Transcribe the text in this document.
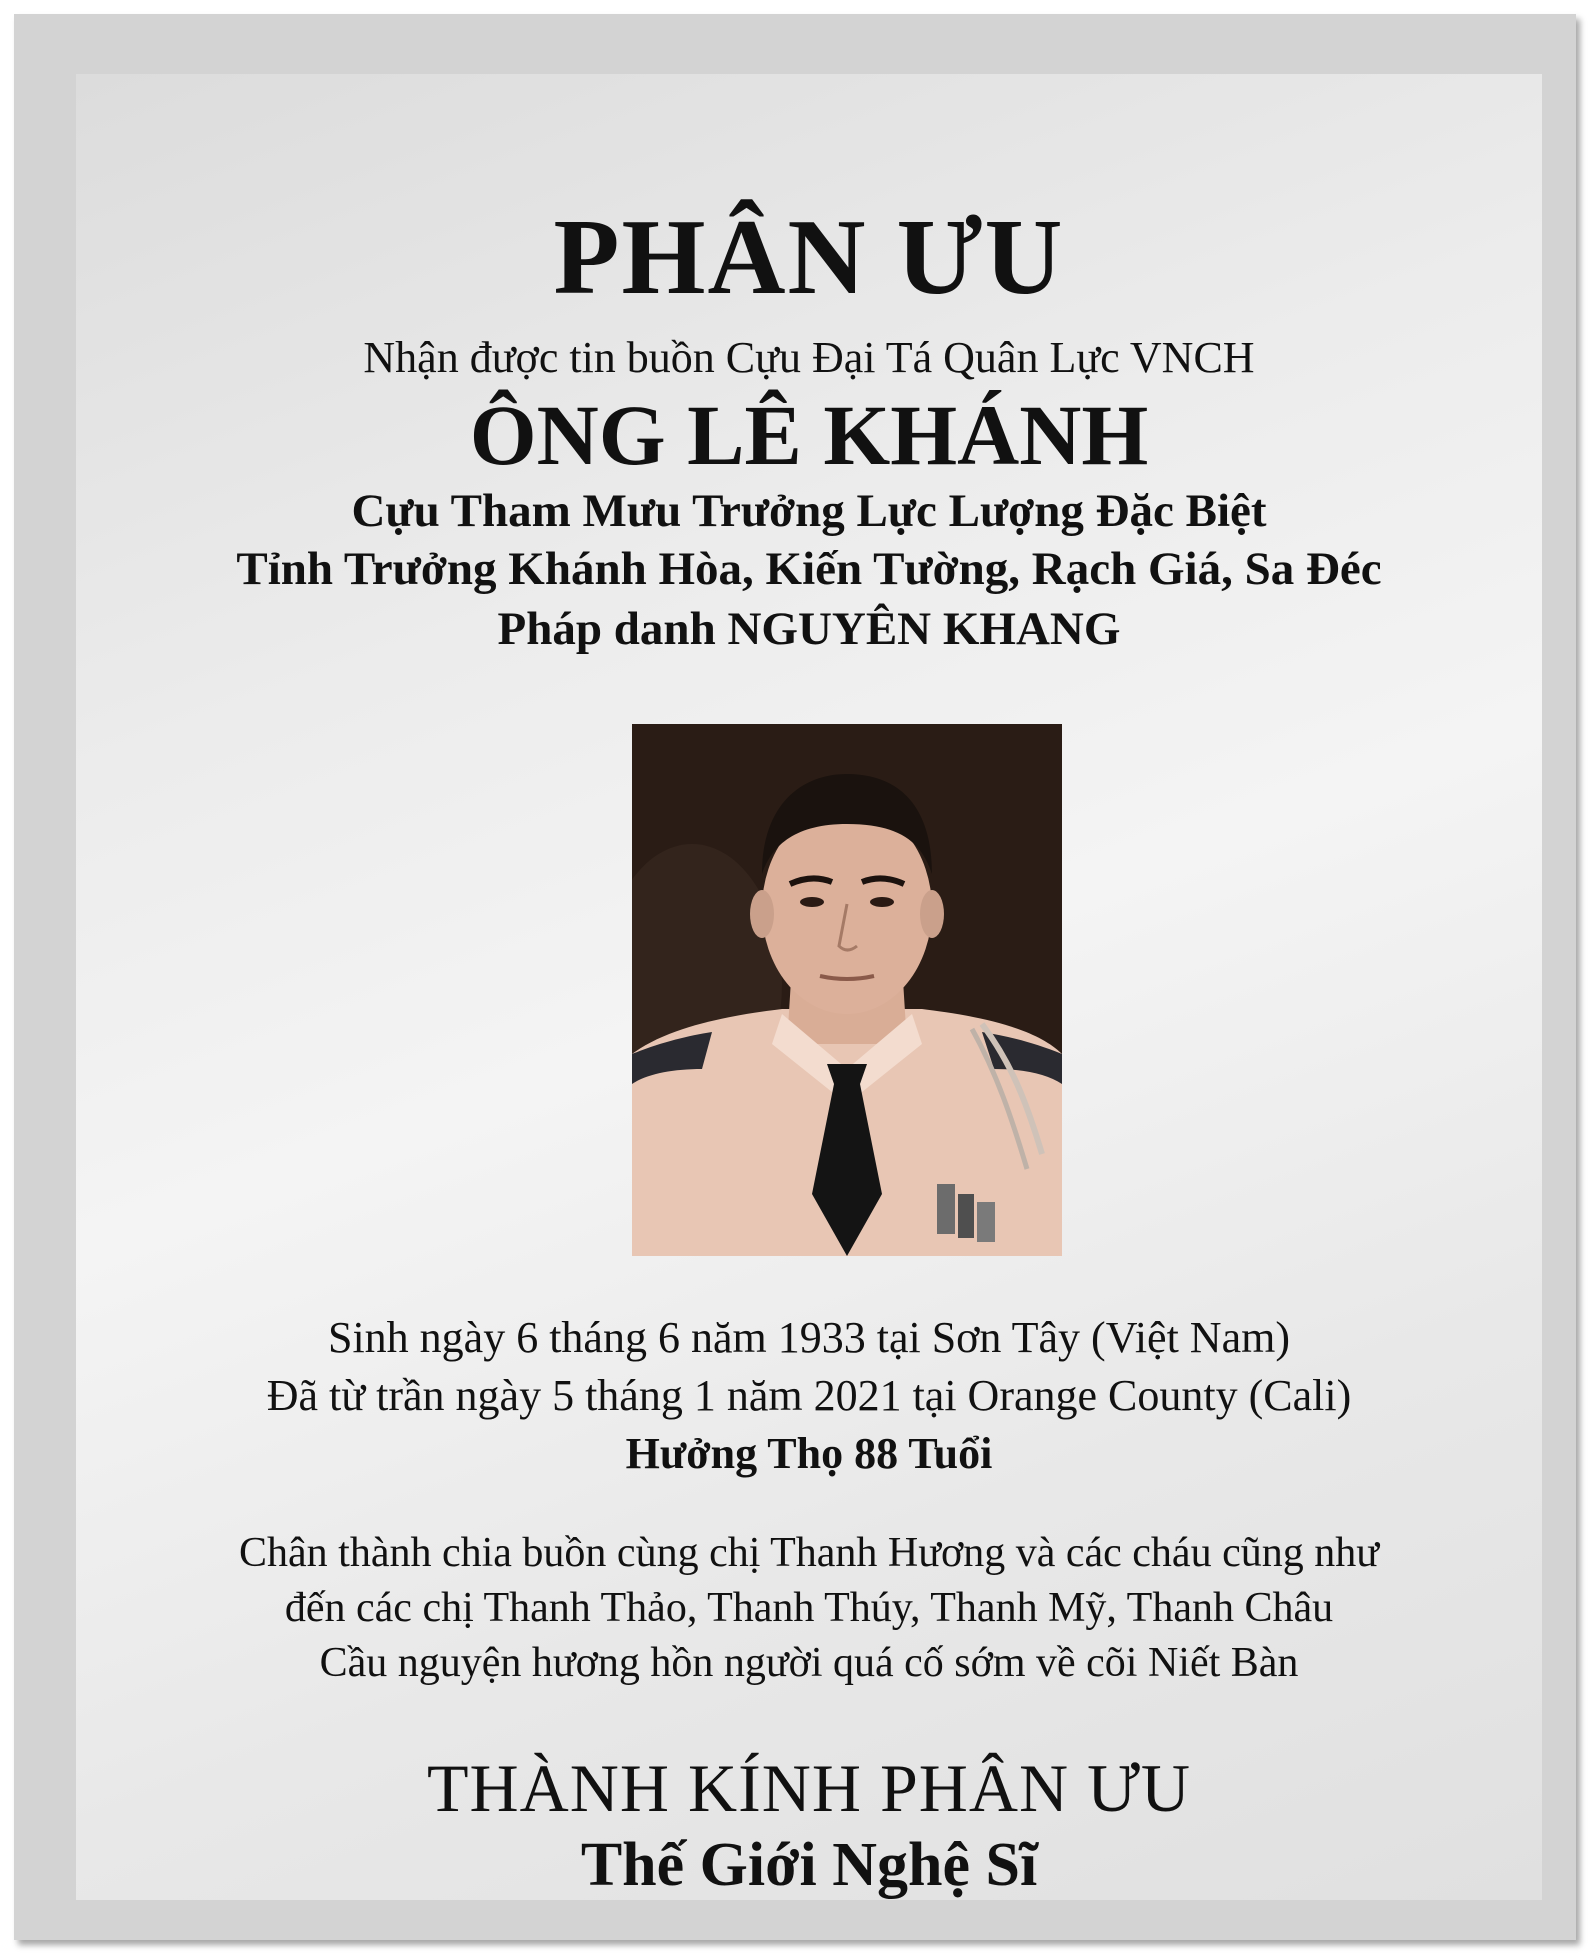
PHÂN ƯU
Nhận được tin buồn Cựu Đại Tá Quân Lực VNCH
ÔNG LÊ KHÁNH
Cựu Tham Mưu Trưởng Lực Lượng Đặc Biệt
Tỉnh Trưởng Khánh Hòa, Kiến Tường, Rạch Giá, Sa Đéc
Pháp danh NGUYÊN KHANG
Sinh ngày 6 tháng 6 năm 1933 tại Sơn Tây (Việt Nam)
Đã từ trần ngày 5 tháng 1 năm 2021 tại Orange County (Cali)
Hưởng Thọ 88 Tuổi
Chân thành chia buồn cùng chị Thanh Hương và các cháu cũng như
đến các chị Thanh Thảo, Thanh Thúy, Thanh Mỹ, Thanh Châu
Cầu nguyện hương hồn người quá cố sớm về cõi Niết Bàn
THÀNH KÍNH PHÂN ƯU
Thế Giới Nghệ Sĩ
